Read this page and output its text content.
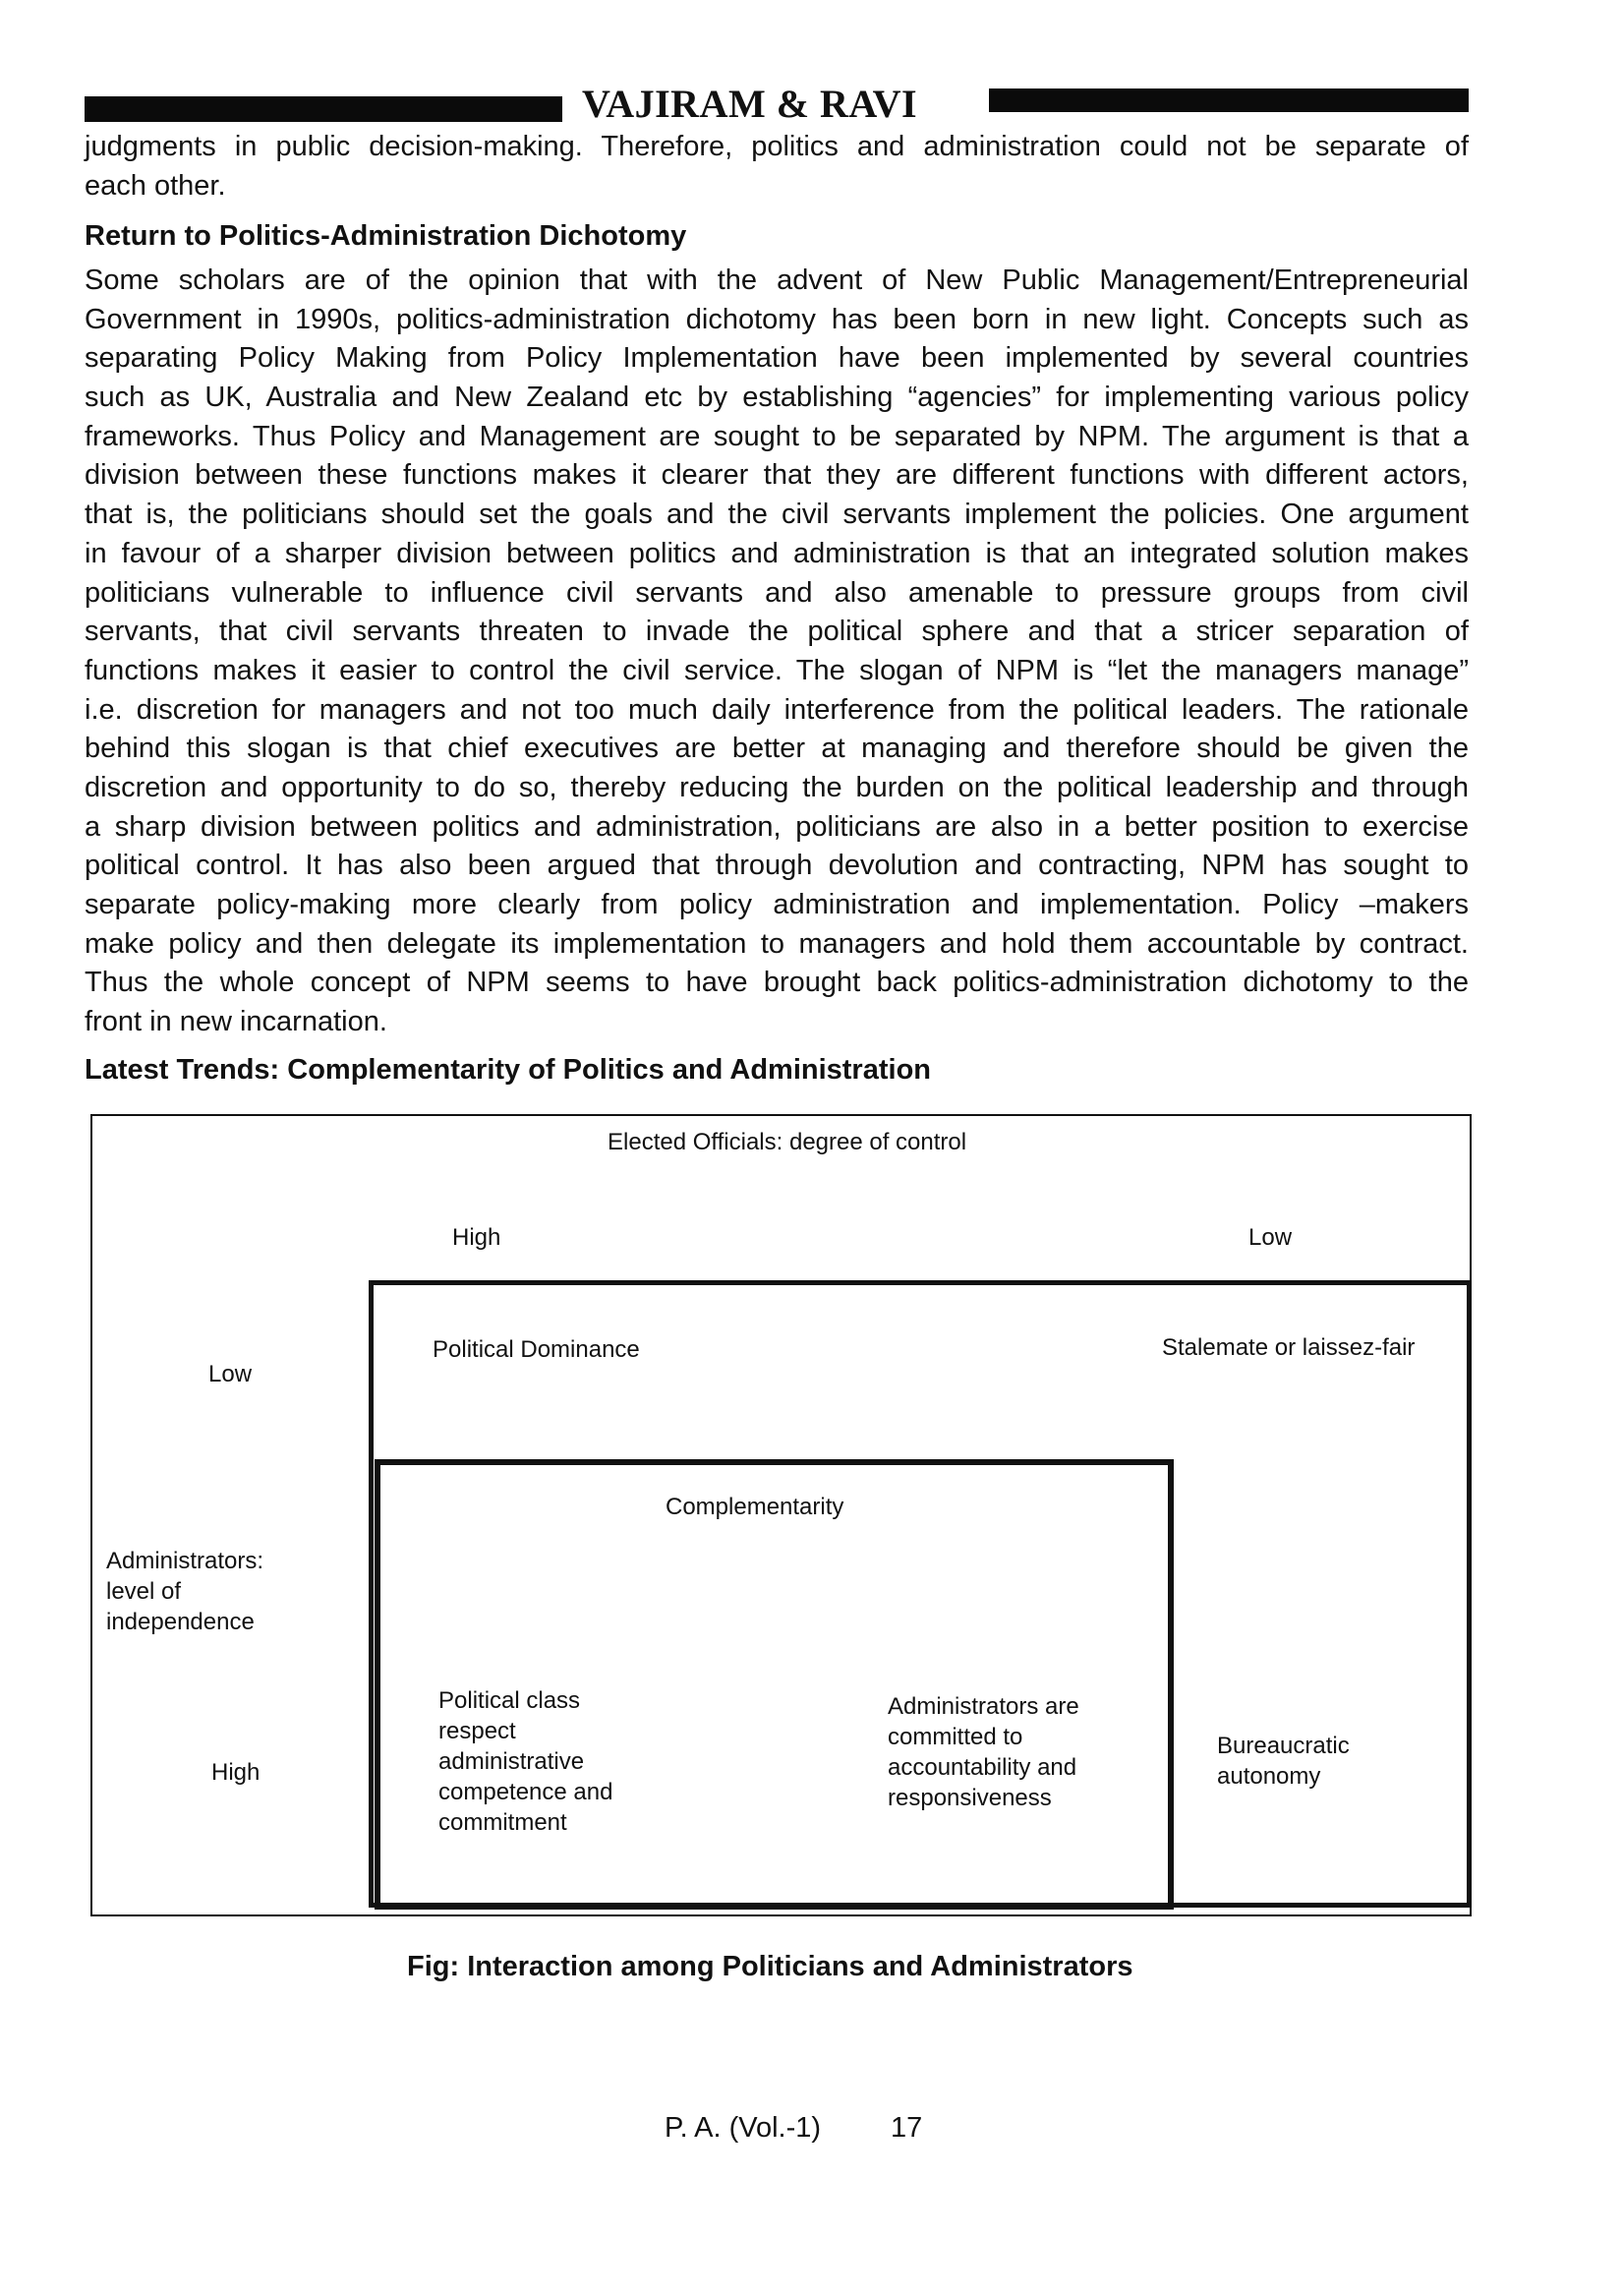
VAJIRAM & RAVI
judgments in public decision-making. Therefore, politics and administration could not be separate of
each other.
Return to Politics-Administration Dichotomy
Some scholars are of the opinion that with the advent of New Public Management/Entrepreneurial
Government in 1990s, politics-administration dichotomy has been born in new light. Concepts such as
separating Policy Making from Policy Implementation have been implemented by several countries
such as UK, Australia and New Zealand etc by establishing “agencies” for implementing various policy
frameworks. Thus Policy and Management are sought to be separated by NPM. The argument is that a
division between these functions makes it clearer that they are different functions with different actors,
that is, the politicians should set the goals and the civil servants implement the policies. One argument
in favour of a sharper division between politics and administration is that an integrated solution makes
politicians vulnerable to influence civil servants and also amenable to pressure groups from civil
servants, that civil servants threaten to invade the political sphere and that a stricer separation of
functions makes it easier to control the civil service. The slogan of NPM is “let the managers manage”
i.e. discretion for managers and not too much daily interference from the political leaders. The rationale
behind this slogan is that chief executives are better at managing and therefore should be given the
discretion and opportunity to do so, thereby reducing the burden on the political leadership and through
a sharp division between politics and administration, politicians are also in a better position to exercise
political control. It has also been argued that through devolution and contracting, NPM has sought to
separate policy-making more clearly from policy administration and implementation. Policy –makers
make policy and then delegate its implementation to managers and hold them accountable by contract.
Thus the whole concept of NPM seems to have brought back politics-administration dichotomy to the
front in new incarnation.
Latest Trends: Complementarity of Politics and Administration
Elected Officials: degree of control
High	Low
Low
Administrators:
level of
independence
High
Political Dominance	Stalemate or laissez-fair
Complementarity
Political class
respect
administrative
competence and
commitment
Administrators are
committed to
accountability and
responsiveness
Bureaucratic
autonomy
Fig: Interaction among Politicians and Administrators
P. A. (Vol.-1) 17
